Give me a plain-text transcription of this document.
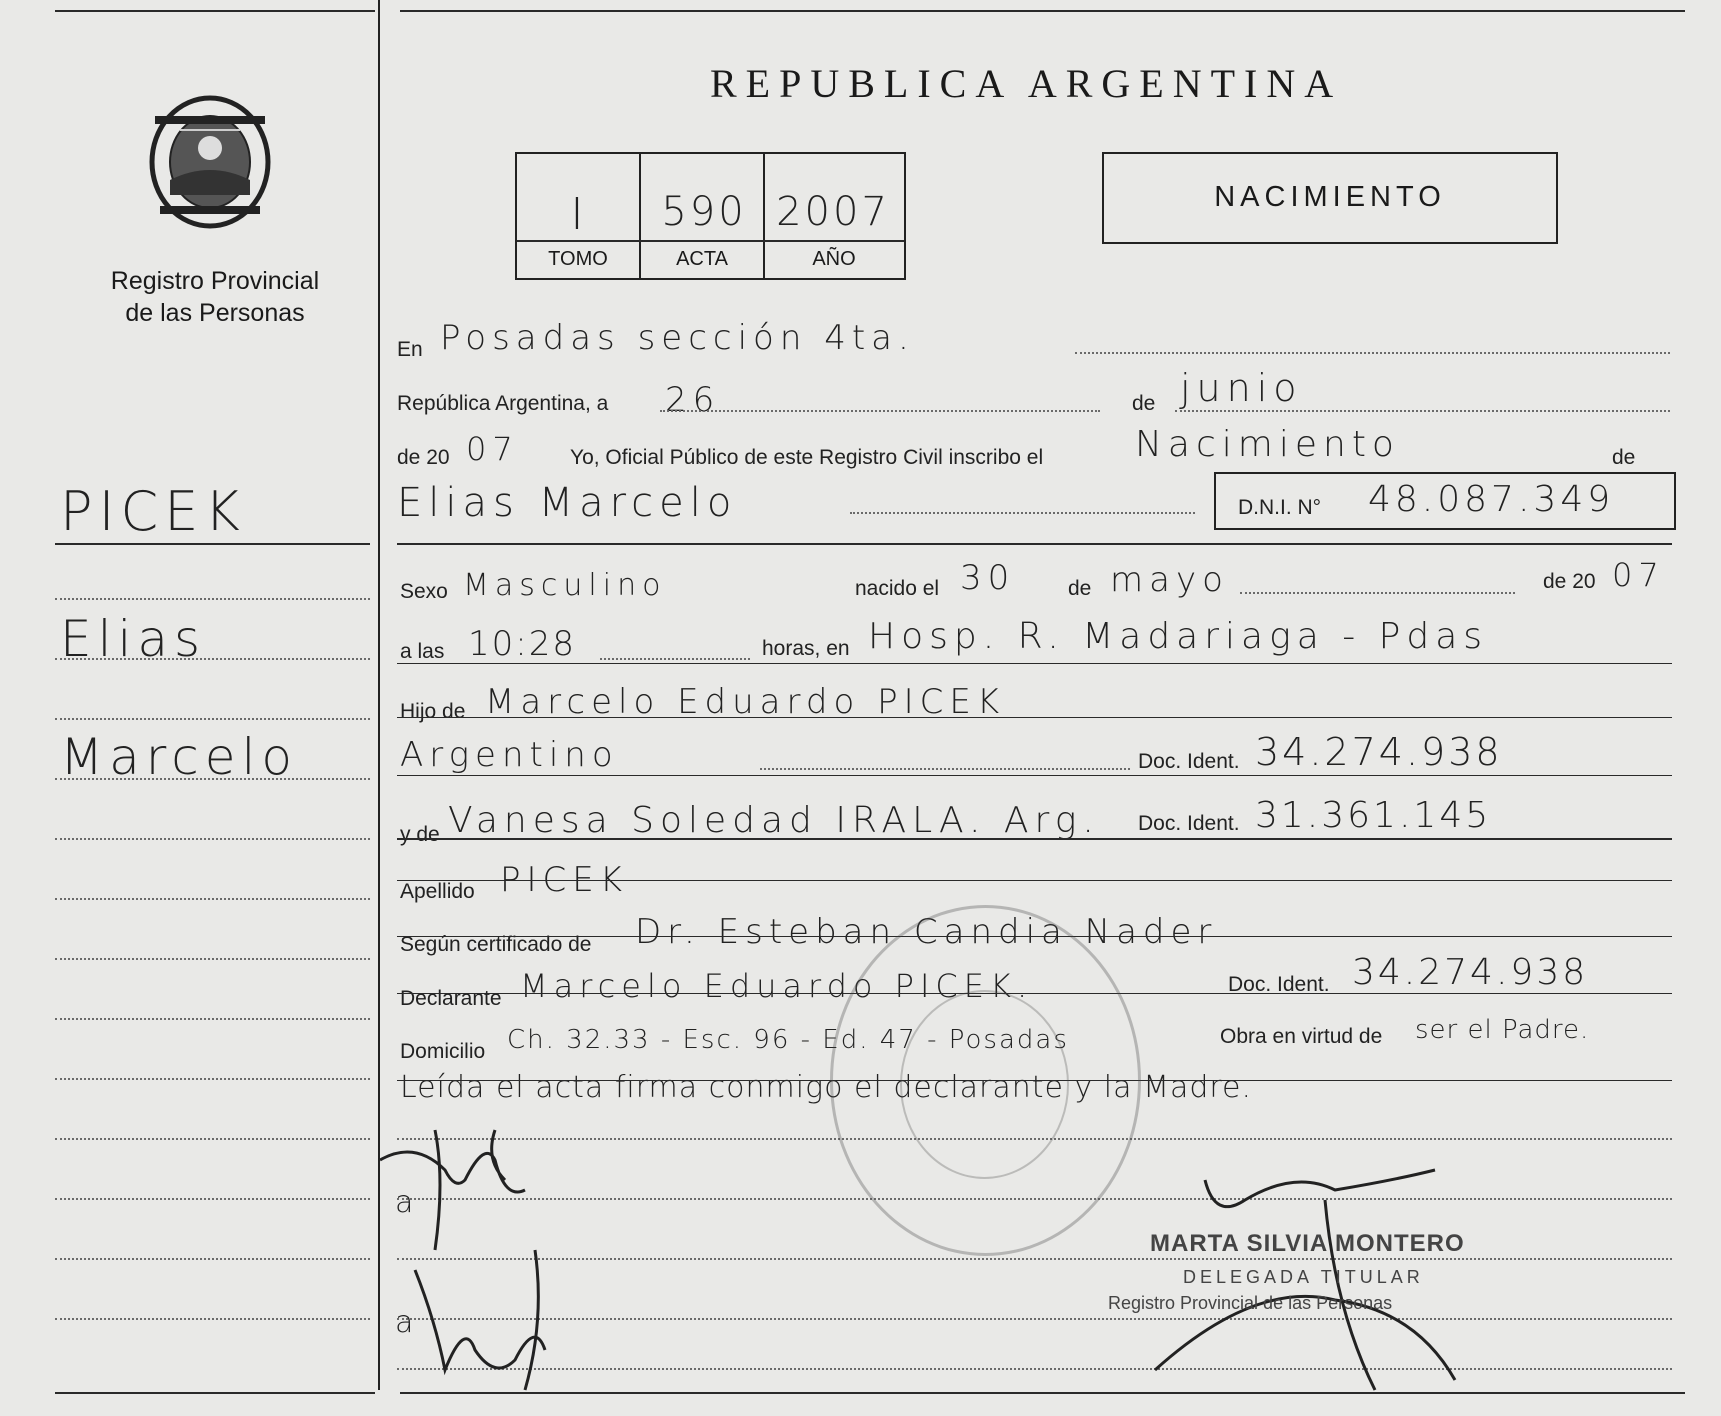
Registro Provincial
de las Personas
PICEK
Elias
Marcelo
REPUBLICA ARGENTINA
I	590 2007
TOMO	ACTA	AÑO
NACIMIENTO
En Posadas sección 4ta.
República Argentina, a 26	de junio
de 20 07 Yo, Oficial Público de este Registro Civil inscribo el	Nacimiento	de
Elias Marcelo	D.N.I. N° 48.087.349
Sexo Masculino	nacido el 30	de mayo	de 20 07
a las 10:28	horas, en Hosp. R. Madariaga - Pdas
Hijo de Marcelo Eduardo PICEK
Argentino	Doc. Ident. 34.274.938
y de Vanesa Soledad IRALA. Arg. Doc. Ident. 31.361.145
Apellido PICEK
Según certificado de Dr. Esteban Candia Nader
Declarante Marcelo Eduardo PICEK.	Doc. Ident. 34.274.938
Domicilio Ch. 32.33 - Esc. 96 - Ed. 47 - Posadas	Obra en virtud de ser el Padre.
Leída el acta firma conmigo el declarante y la Madre.
a
a
MARTA SILVIA MONTERO
DELEGADA TITULAR
Registro Provincial de las Personas
